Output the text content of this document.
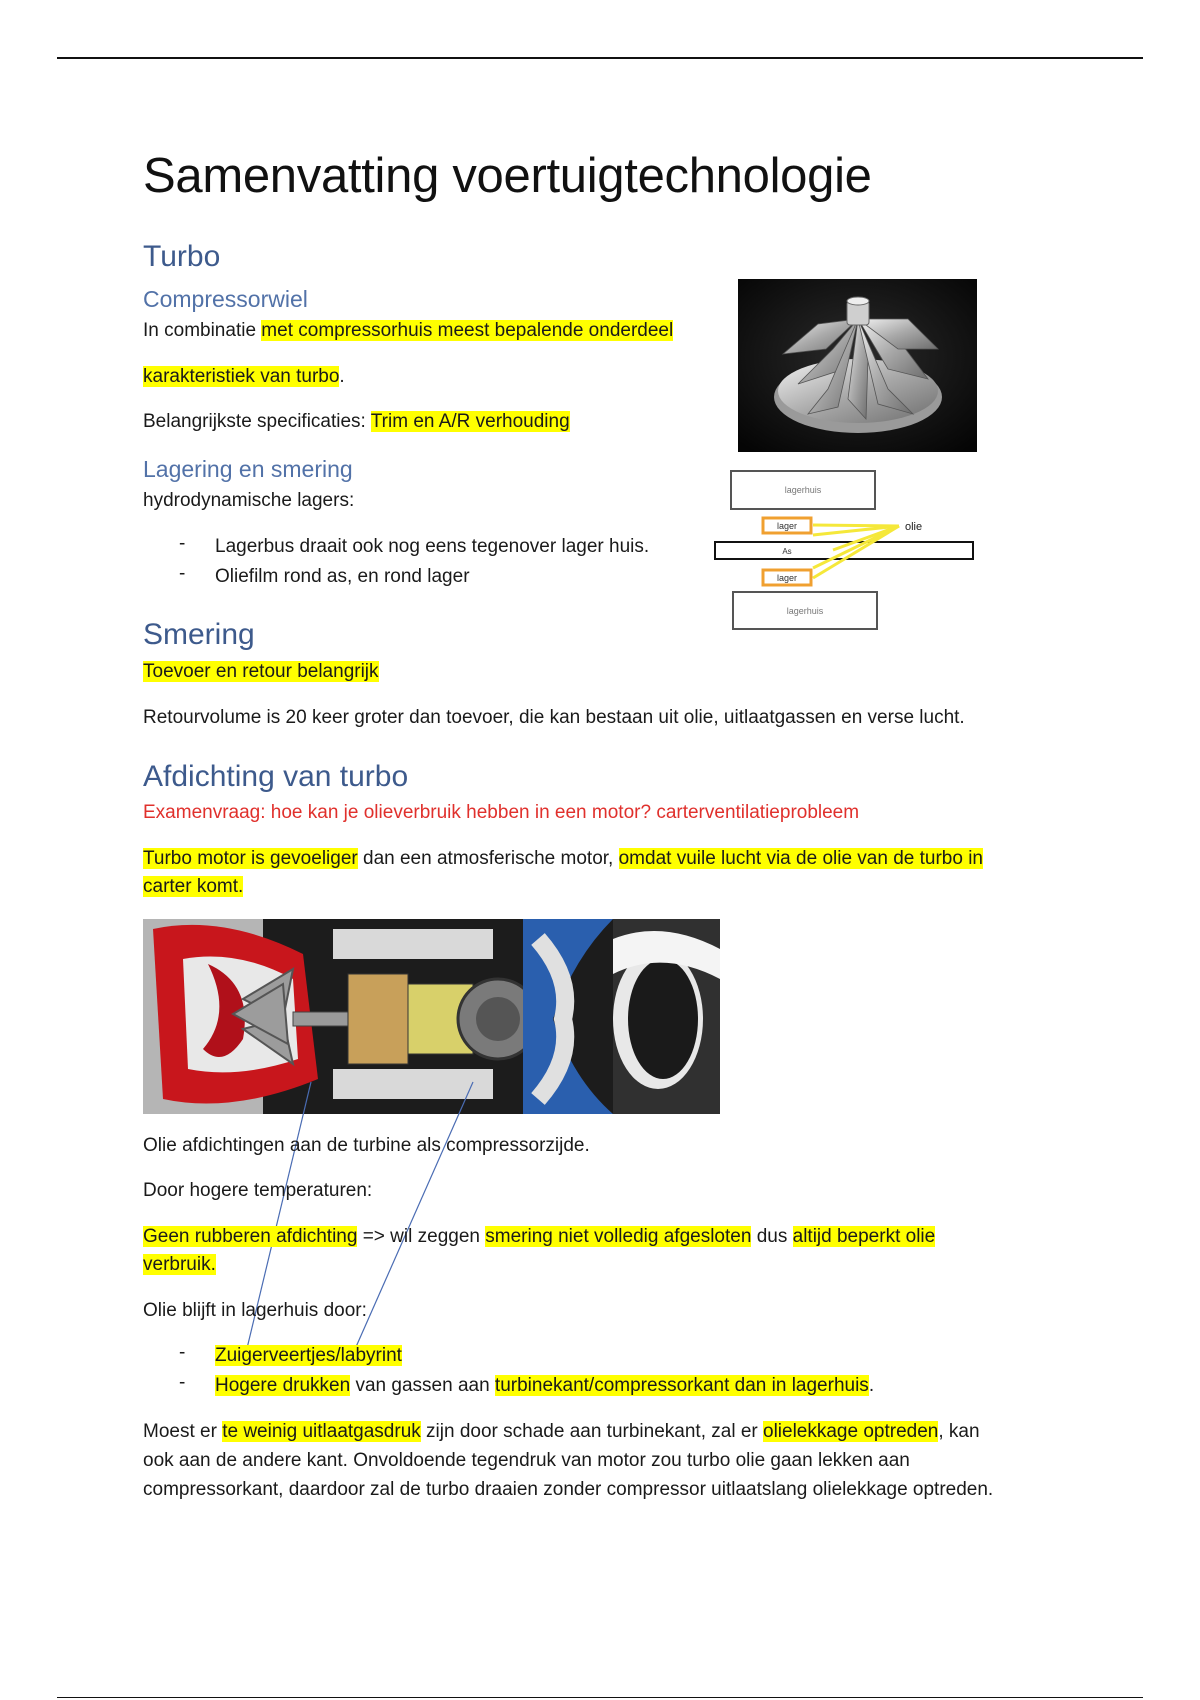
Samenvatting voertuigtechnologie

Turbo

Compressorwiel

In combinatie met compressorhuis meest bepalende onderdeel

karakteristiek van turbo.

Belangrijkste specificaties: Trim en A/R verhouding

Lagering en smering

hydrodynamische lagers:

- Lagerbus draait ook nog eens tegenover lager huis.
- Oliefilm rond as, en rond lager
lagerhuis
lager
As
lager
lagerhuis
olie

Smering

Toevoer en retour belangrijk

Retourvolume is 20 keer groter dan toevoer, die kan bestaan uit olie, uitlaatgassen en verse lucht.

Afdichting van turbo

Examenvraag: hoe kan je olieverbruik hebben in een motor? carterventilatieprobleem

Turbo motor is gevoeliger dan een atmosferische motor, omdat vuile lucht via de olie van de turbo in

carter komt.

Olie afdichtingen aan de turbine als compressorzijde.

Door hogere temperaturen:

Geen rubberen afdichting => wil zeggen smering niet volledig afgesloten dus altijd beperkt olie

verbruik.

Olie blijft in lagerhuis door:

- Zuigerveertjes/labyrint
- Hogere drukken van gassen aan turbinekant/compressorkant dan in lagerhuis.

Moest er te weinig uitlaatgasdruk zijn door schade aan turbinekant, zal er olielekkage optreden, kan

ook aan de andere kant. Onvoldoende tegendruk van motor zou turbo olie gaan lekken aan

compressorkant, daardoor zal de turbo draaien zonder compressor uitlaatslang olielekkage optreden.
